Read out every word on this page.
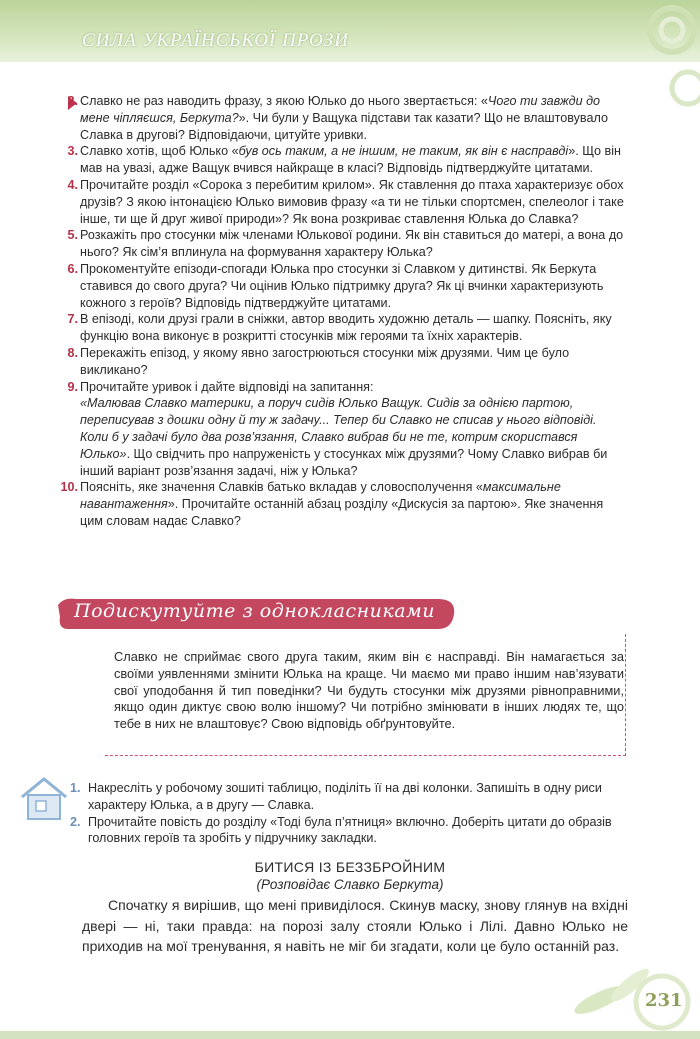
СИЛА УКРАЇНСЬКОЇ ПРОЗИ
2. Славко не раз наводить фразу, з якою Юлько до нього звертається: «Чого ти завжди до мене чіпляєшся, Беркута?». Чи були у Ващука підстави так казати? Що не влаштовувало Славка в другові? Відповідаючи, цитуйте уривки.
3. Славко хотів, щоб Юлько «був ось таким, а не іншим, не таким, як він є насправді». Що він мав на увазі, адже Ващук вчився найкраще в класі? Відповідь підтверджуйте цитатами.
4. Прочитайте розділ «Сорока з перебитим крилом». Як ставлення до птаха характеризує обох друзів? З якою інтонацією Юлько вимовив фразу «а ти не тільки спортсмен, спелеолог і таке інше, ти ще й друг живої природи»? Як вона розкриває ставлення Юлька до Славка?
5. Розкажіть про стосунки між членами Юлькової родини. Як він ставиться до матері, а вона до нього? Як сім’я вплинула на формування характеру Юлька?
6. Прокоментуйте епізоди-спогади Юлька про стосунки зі Славком у дитинстві. Як Беркута ставився до свого друга? Чи оцінив Юлько підтримку друга? Як ці вчинки характеризують кожного з героїв? Відповідь підтверджуйте цитатами.
7. В епізоді, коли друзі грали в сніжки, автор вводить художню деталь — шапку. Поясніть, яку функцію вона виконує в розкритті стосунків між героями та їхніх характерів.
8. Перекажіть епізод, у якому явно загострюються стосунки між друзями. Чим це було викликано?
9. Прочитайте уривок і дайте відповіді на запитання:
«Малював Славко материки, а поруч сидів Юлько Ващук. Сидів за однією партою, переписував з дошки одну й ту ж задачу... Тепер би Славко не списав у нього відповіді. Коли б у задачі було два розв’язання, Славко вибрав би не те, котрим скористався Юлько». Що свідчить про напруженість у стосунках між друзями? Чому Славко вибрав би інший варіант розв’язання задачі, ніж у Юлька?
10. Поясніть, яке значення Славків батько вкладав у словосполучення «максимальне навантаження». Прочитайте останній абзац розділу «Дискусія за партою». Яке значення цим словам надає Славко?
Подискутуйте з однокласниками
Славко не сприймає свого друга таким, яким він є насправді. Він намагається за своїми уявленнями змінити Юлька на краще. Чи маємо ми право іншим нав’язувати свої уподобання й тип поведінки? Чи будуть стосунки між друзями рівноправними, якщо один диктує свою волю іншому? Чи потрібно змінювати в інших людях те, що тебе в них не влаштовує? Свою відповідь обґрунтовуйте.
1. Накресліть у робочому зошиті таблицю, поділіть її на дві колонки. Запишіть в одну риси характеру Юлька, а в другу — Славка.
2. Прочитайте повість до розділу «Тоді була п’ятниця» включно. Доберіть цитати до образів головних героїв та зробіть у підручнику закладки.
БИТИСЯ ІЗ БЕЗЗБРОЙНИМ
(Розповідає Славко Беркута)
Спочатку я вирішив, що мені привиділося. Скинув маску, знову глянув на вхідні двері — ні, таки правда: на порозі залу стояли Юлько і Лілі. Давно Юлько не приходив на мої тренування, я навіть не міг би згадати, коли це було останній раз.
231
